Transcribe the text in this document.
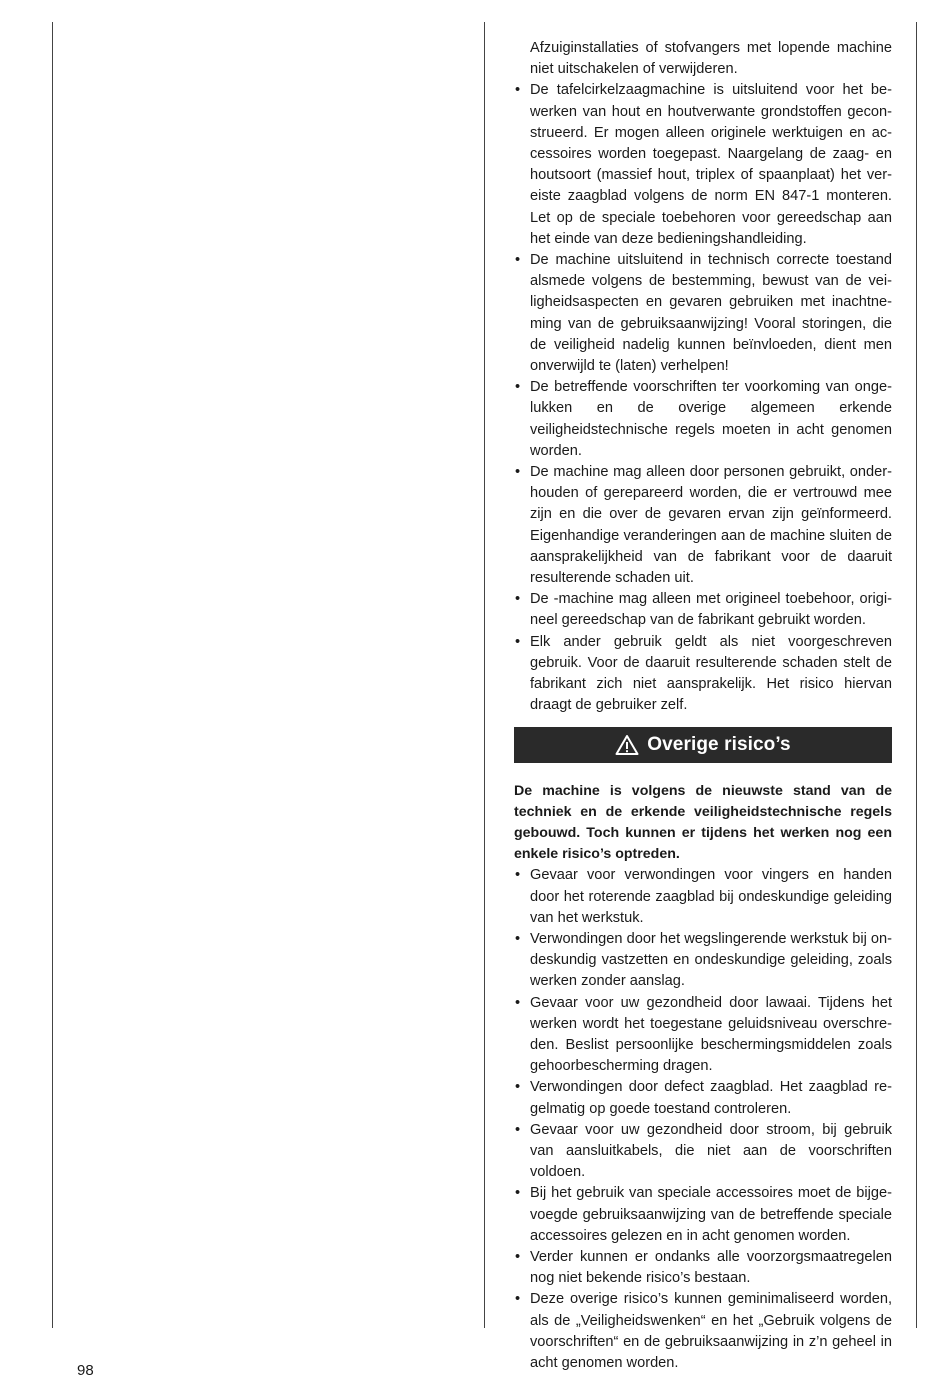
Afzuiginstallaties of stofvangers met lopende machine niet uitschakelen of verwijderen.

• De tafelcirkelzaagmachine is uitsluitend voor het bewerken van hout en houtverwante grondstoffen geconstrueerd. Er mogen alleen originele werktuigen en accessoires worden toegepast. Naargelang de zaag- en houtsoort (massief hout, triplex of spaanplaat) het vereiste zaagblad volgens de norm EN 847-1 monteren. Let op de speciale toebehoren voor gereedschap aan het einde van deze bedieningshandleiding.
• De machine uitsluitend in technisch correcte toestand alsmede volgens de bestemming, bewust van de veiligheidsaspecten en gevaren gebruiken met inachtneming van de gebruiksaanwijzing! Vooral storingen, die de veiligheid nadelig kunnen beïnvloeden, dient men onverwijld te (laten) verhelpen!
• De betreffende voorschriften ter voorkoming van ongelukken en de overige algemeen erkende veiligheidstechnische regels moeten in acht genomen worden.
• De machine mag alleen door personen gebruikt, onderhouden of gerepareerd worden, die er vertrouwd mee zijn en die over de gevaren ervan zijn geïnformeerd. Eigenhandige veranderingen aan de machine sluiten de aansprakelijkheid van de fabrikant voor de daaruit resulterende schaden uit.
• De -machine mag alleen met origineel toebehoor, origineel gereedschap van de fabrikant gebruikt worden.
• Elk ander gebruik geldt als niet voorgeschreven gebruik. Voor de daaruit resulterende schaden stelt de fabrikant zich niet aansprakelijk. Het risico hiervan draagt de gebruiker zelf.
Overige risico’s

De machine is volgens de nieuwste stand van de techniek en de erkende veiligheidstechnische regels gebouwd. Toch kunnen er tijdens het werken nog een enkele risico’s optreden.

• Gevaar voor verwondingen voor vingers en handen door het roterende zaagblad bij ondeskundige geleiding van het werkstuk.
• Verwondingen door het wegslingerende werkstuk bij ondeskundig vastzetten en ondeskundige geleiding, zoals werken zonder aanslag.
• Gevaar voor uw gezondheid door lawaai. Tijdens het werken wordt het toegestane geluidsniveau overschreden. Beslist persoonlijke beschermingsmiddelen zoals gehoorbescherming dragen.
• Verwondingen door defect zaagblad. Het zaagblad regelmatig op goede toestand controleren.
• Gevaar voor uw gezondheid door stroom, bij gebruik van aansluitkabels, die niet aan de voorschriften voldoen.
• Bij het gebruik van speciale accessoires moet de bijgevoegde gebruiksaanwijzing van de betreffende speciale accessoires gelezen en in acht genomen worden.
• Verder kunnen er ondanks alle voorzorgsmaatregelen nog niet bekende risico’s bestaan.
• Deze overige risico’s kunnen geminimaliseerd worden, als de „Veiligheidswenken“ en het „Gebruik volgens de voorschriften“ en de gebruiksaanwijzing in z’n geheel in acht genomen worden.
98
